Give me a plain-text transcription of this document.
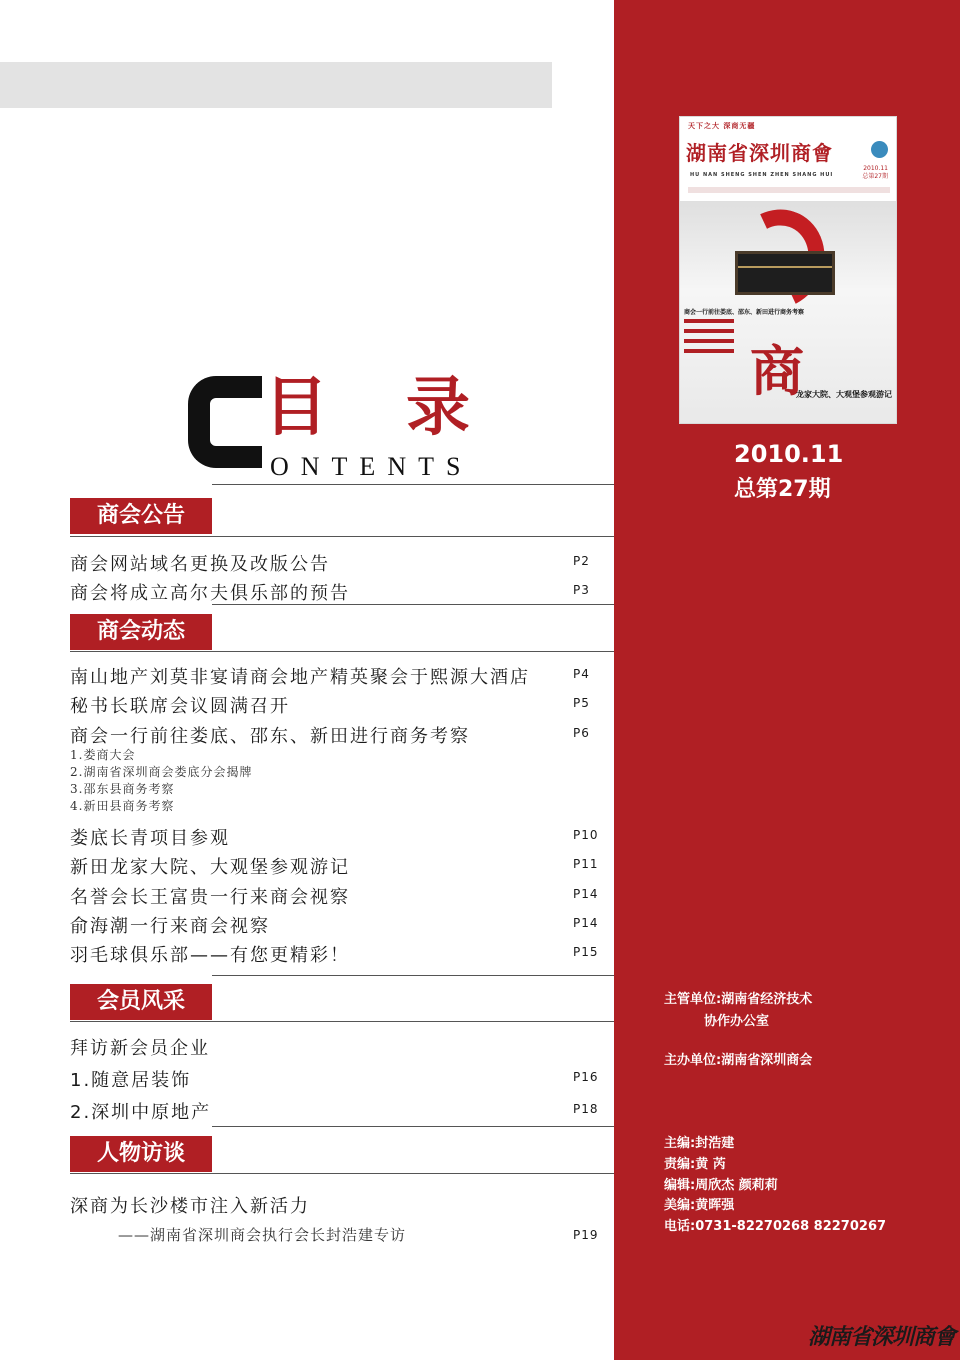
天下之大 深商无疆
湖南省深圳商會
2010.11
总第27期
HU NAN SHENG SHEN ZHEN SHANG HUI
商会一行前往娄底、邵东、新田进行商务考察
商
龙家大院、大观堡参观游记
2010.11
总第27期
目录
ONTENTS
商会公告
商会网站域名更换及改版公告	P2
商会将成立高尔夫俱乐部的预告	P3
商会动态
南山地产刘莫非宴请商会地产精英聚会于熙源大酒店	P4
秘书长联席会议圆满召开	P5
商会一行前往娄底、邵东、新田进行商务考察	P6
1.娄商大会
2.湖南省深圳商会娄底分会揭牌
3.邵东县商务考察
4.新田县商务考察
娄底长青项目参观	P10
新田龙家大院、大观堡参观游记	P11
名誉会长王富贵一行来商会视察	P14
俞海潮一行来商会视察	P14
羽毛球俱乐部——有您更精彩！	P15
会员风采
拜访新会员企业
1.随意居装饰	P16
2.深圳中原地产	P18
人物访谈
深商为长沙楼市注入新活力
——湖南省深圳商会执行会长封浩建专访	P19
主管单位:湖南省经济技术
协作办公室
主办单位:湖南省深圳商会
主编:封浩建
责编:黄 芮
编辑:周欣杰 颜莉莉
美编:黄晖强
电话:0731-82270268 82270267
湖南省深圳商會
